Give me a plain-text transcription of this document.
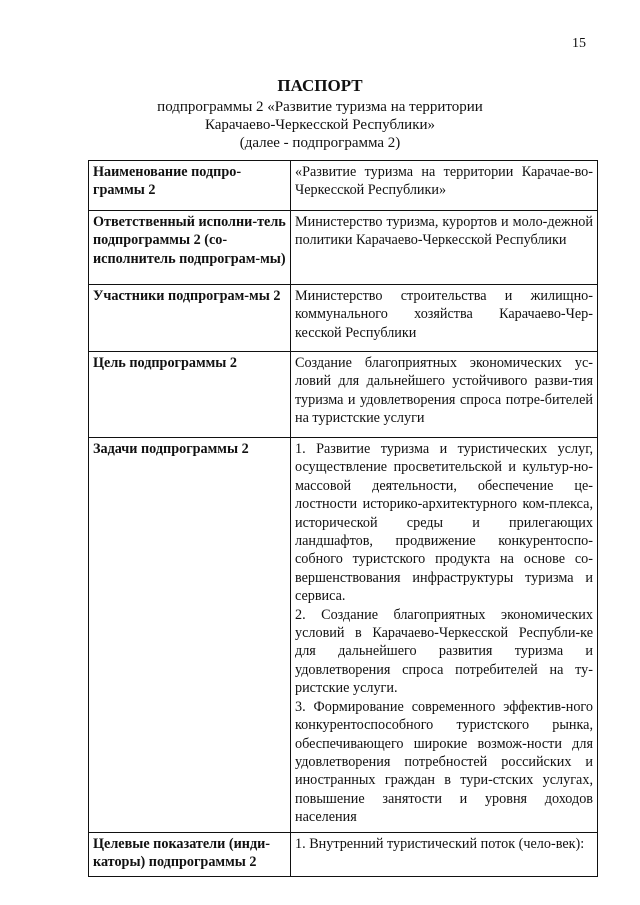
15
ПАСПОРТ
подпрограммы 2 «Развитие туризма на территории
Карачаево-Черкесской Республики»
(далее - подпрограмма 2)
Наименование подпро-граммы 2	«Развитие туризма на территории Карачае-во-Черкесской Республики»
Ответственный исполни-тель подпрограммы 2 (со-исполнитель подпрограм-мы)	Министерство туризма, курортов и моло-дежной политики Карачаево-Черкесской Республики
Участники подпрограм-мы 2	Министерство строительства и жилищно-коммунального хозяйства Карачаево-Чер-кесской Республики
Цель подпрограммы 2	Создание благоприятных экономических ус-ловий для дальнейшего устойчивого разви-тия туризма и удовлетворения спроса потре-бителей на туристские услуги
Задачи подпрограммы 2	1. Развитие туризма и туристических услуг, осуществление просветительской и культур-но-массовой деятельности, обеспечение це-лостности историко-архитектурного ком-плекса, исторической среды и прилегающих ландшафтов, продвижение конкурентоспо-собного туристского продукта на основе со-вершенствования инфраструктуры туризма и сервиса.
2. Создание благоприятных экономических условий в Карачаево-Черкесской Республи-ке для дальнейшего развития туризма и удовлетворения спроса потребителей на ту-ристские услуги.
3. Формирование современного эффектив-ного конкурентоспособного туристского рынка, обеспечивающего широкие возмож-ности для удовлетворения потребностей российских и иностранных граждан в тури-стских услугах, повышение занятости и уровня доходов населения

Целевые показатели (инди-каторы) подпрограммы 2	1. Внутренний туристический поток (чело-век):
